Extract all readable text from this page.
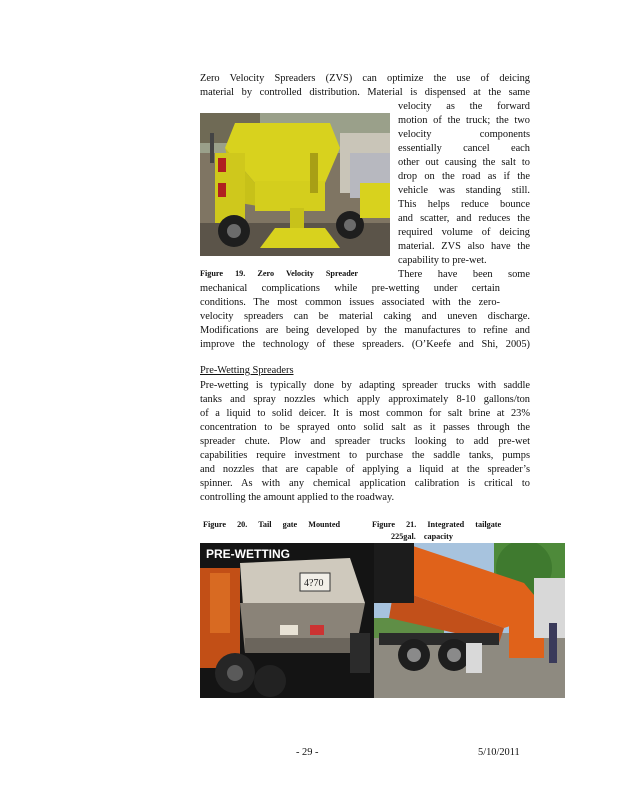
Zero Velocity Spreaders (ZVS) can optimize the use of deicing

material by controlled distribution. Material is dispensed at the same

velocity as the forward

motion of the truck; the two

velocity components

essentially cancel each

other out causing the salt to

drop on the road as if the

vehicle was standing still.

This helps reduce bounce

and scatter, and reduces the

required volume of deicing

material. ZVS also have the

capability to pre-wet.

Figure 19. Zero Velocity Spreader	There have been some

mechanical complications while pre-wetting under certain

conditions. The most common issues associated with the zero-

velocity spreaders can be material caking and uneven discharge.

Modifications are being developed by the manufactures to refine and

improve the technology of these spreaders. (O’Keefe and Shi, 2005)

Pre-Wetting Spreaders

Pre-wetting is typically done by adapting spreader trucks with saddle

tanks and spray nozzles which apply approximately 8-10 gallons/ton

of a liquid to solid deicer. It is most common for salt brine at 23%

concentration to be sprayed onto solid salt as it passes through the

spreader chute. Plow and spreader trucks looking to add pre-wet

capabilities require investment to purchase the saddle tanks, pumps

and nozzles that are capable of applying a liquid at the spreader’s

spinner. As with any chemical application calibration is critical to

controlling the amount applied to the roadway.

Figure 20. Tail gate Mounted	Figure 21. Integrated tailgate
225gal. capacity
4?70
PRE-WETTING
- 29 -	5/10/2011
